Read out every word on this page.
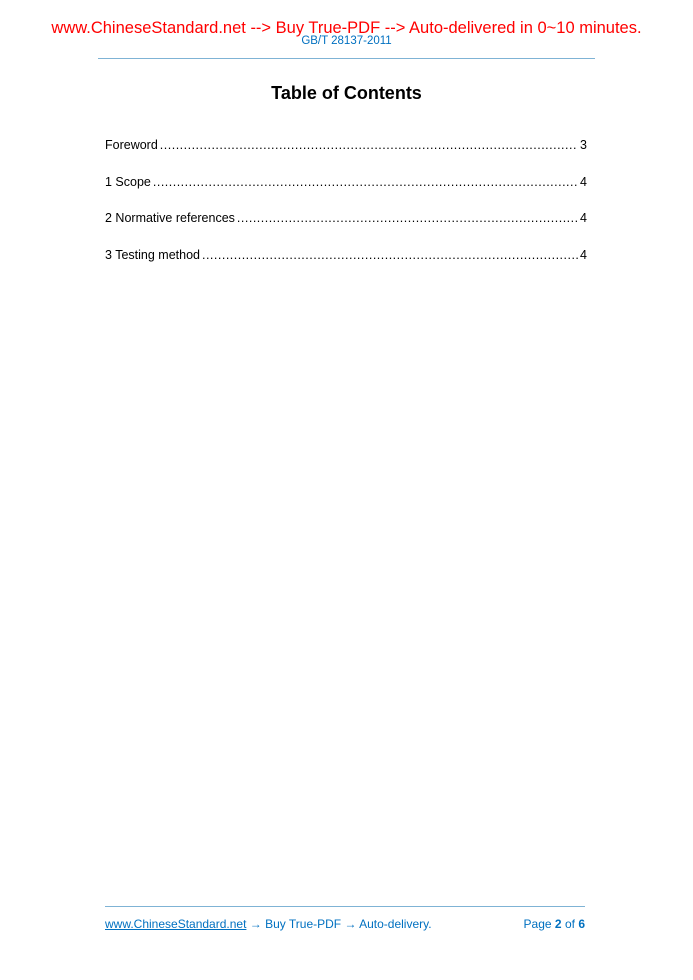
www.ChineseStandard.net --> Buy True-PDF --> Auto-delivered in 0~10 minutes.
GB/T 28137-2011
Table of Contents
Foreword .....	3
1 Scope .....	4
2 Normative references .....	4
3 Testing method .....	4
www.ChineseStandard.net → Buy True-PDF → Auto-delivery.	Page 2 of 6
